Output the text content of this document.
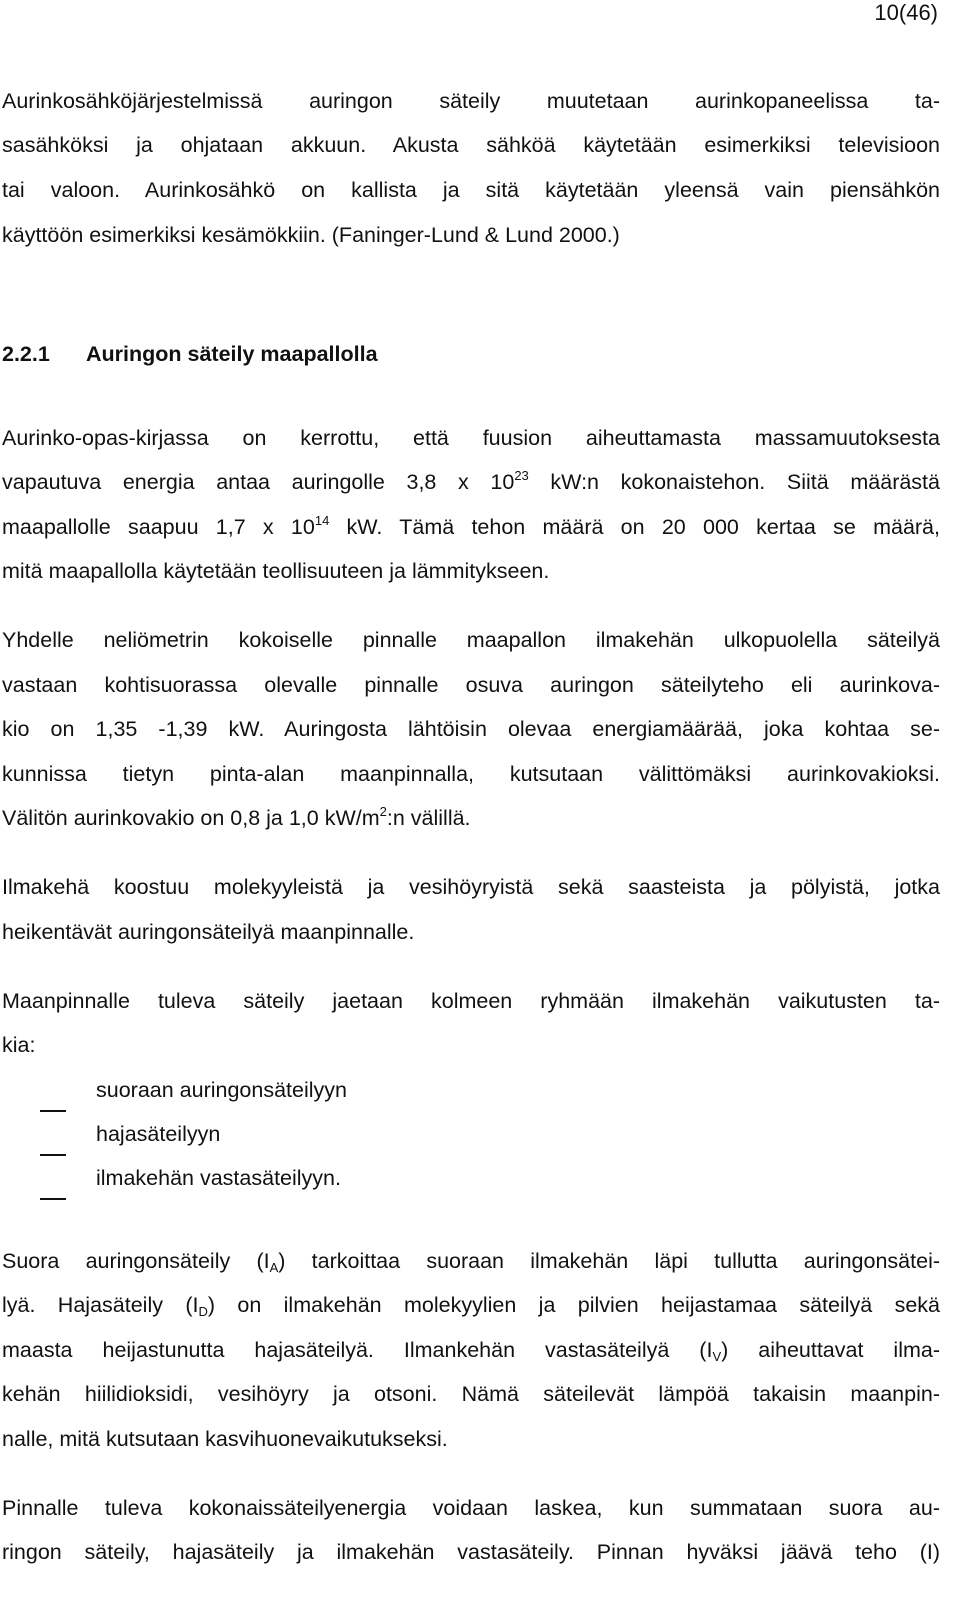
10(46)
Aurinkosähköjärjestelmissä auringon säteily muutetaan aurinkopaneelissa ta-
sasähköksi ja ohjataan akkuun. Akusta sähköä käytetään esimerkiksi televisioon
tai valoon. Aurinkosähkö on kallista ja sitä käytetään yleensä vain piensähkön
käyttöön esimerkiksi kesämökkiin. (Faninger-Lund & Lund 2000.)
2.2.1 Auringon säteily maapallolla
Aurinko-opas-kirjassa on kerrottu, että fuusion aiheuttamasta massamuutoksesta
vapautuva energia antaa auringolle 3,8 x $10^{23}$ kW:n kokonaistehon. Siitä määrästä
maapallolle saapuu 1,7 x $10^{14}$ kW. Tämä tehon määrä on 20 000 kertaa se määrä,
mitä maapallolla käytetään teollisuuteen ja lämmitykseen.
Yhdelle neliömetrin kokoiselle pinnalle maapallon ilmakehän ulkopuolella säteilyä
vastaan kohtisuorassa olevalle pinnalle osuva auringon säteilyteho eli aurinkova-
kio on 1,35 -1,39 kW. Auringosta lähtöisin olevaa energiamäärää, joka kohtaa se-
kunnissa tietyn pinta-alan maanpinnalla, kutsutaan välittömäksi aurinkovakioksi.
Välitön aurinkovakio on 0,8 ja 1,0 $kW/m^2:n$ välillä.
Ilmakehä koostuu molekyyleistä ja vesihöyryistä sekä saasteista ja pölyistä, jotka
heikentävät auringonsäteilyä maanpinnalle.
Maanpinnalle tuleva säteily jaetaan kolmeen ryhmään ilmakehän vaikutusten ta-
kia:
suoraan auringonsäteilyyn
hajasäteilyyn
ilmakehän vastasäteilyyn.
Suora auringonsäteily $(I_A)$ tarkoittaa suoraan ilmakehän läpi tullutta auringonsätei-
lyä. Hajasäteily $(I_D)$ on ilmakehän molekyylien ja pilvien heijastamaa säteilyä sekä
maasta heijastunutta hajasäteilyä. Ilmankehän vastasäteilyä $(I_V)$ aiheuttavat ilma-
kehän hiilidioksidi, vesihöyry ja otsoni. Nämä säteilevät lämpöä takaisin maanpin-
nalle, mitä kutsutaan kasvihuonevaikutukseksi.
Pinnalle tuleva kokonaissäteilyenergia voidaan laskea, kun summataan suora au-
ringon säteily, hajasäteily ja ilmakehän vastasäteily. Pinnan hyväksi jäävä teho (I)
